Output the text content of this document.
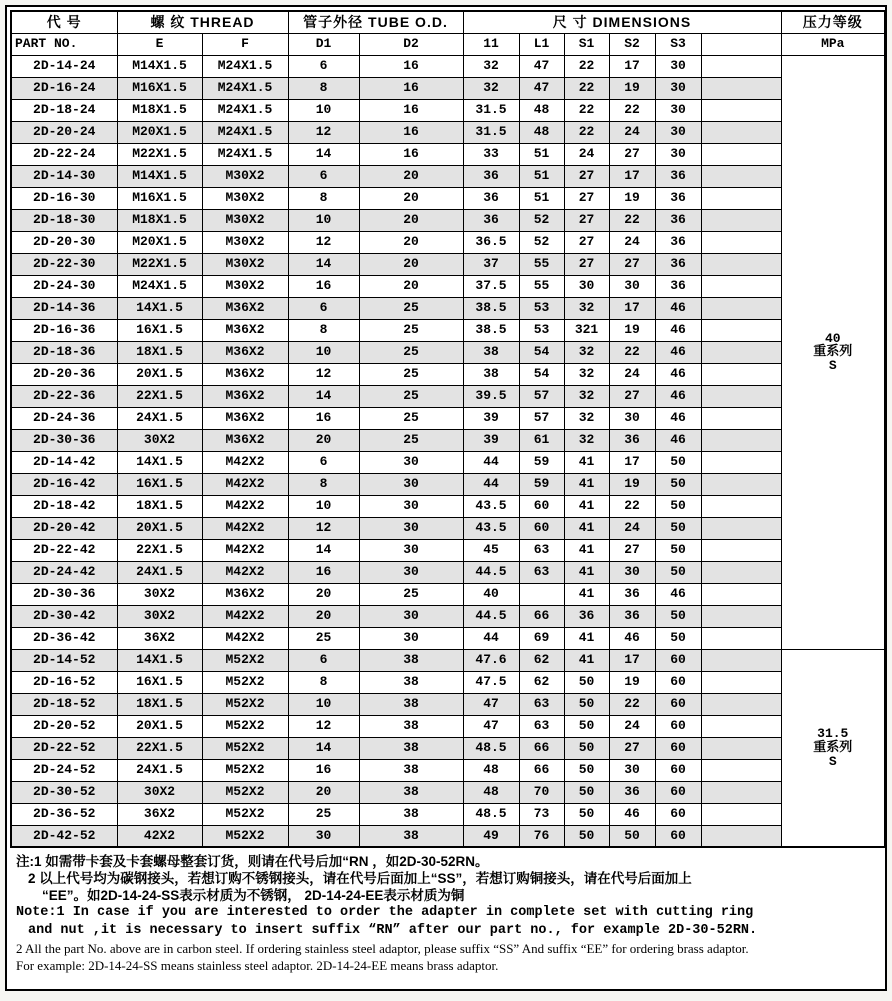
代 号	螺 纹 THREAD		管子外径 TUBE O.D.		尺 寸 DIMENSIONS						压力等级
PART NO.	E	F	D1	D2	11	L1	S1	S2	S3		MPa
2D-14-24	M14X1.5	M24X1.5	6	16	32	47	22	17	30		40
重系列
S

2D-16-24	M16X1.5	M24X1.5	8	16	32	47	22	19	30		
2D-18-24	M18X1.5	M24X1.5	10	16	31.5	48	22	22	30		
2D-20-24	M20X1.5	M24X1.5	12	16	31.5	48	22	24	30		
2D-22-24	M22X1.5	M24X1.5	14	16	33	51	24	27	30		
2D-14-30	M14X1.5	M30X2	6	20	36	51	27	17	36		
2D-16-30	M16X1.5	M30X2	8	20	36	51	27	19	36		
2D-18-30	M18X1.5	M30X2	10	20	36	52	27	22	36		
2D-20-30	M20X1.5	M30X2	12	20	36.5	52	27	24	36		
2D-22-30	M22X1.5	M30X2	14	20	37	55	27	27	36		
2D-24-30	M24X1.5	M30X2	16	20	37.5	55	30	30	36		
2D-14-36	14X1.5	M36X2	6	25	38.5	53	32	17	46		
2D-16-36	16X1.5	M36X2	8	25	38.5	53	321	19	46		
2D-18-36	18X1.5	M36X2	10	25	38	54	32	22	46		
2D-20-36	20X1.5	M36X2	12	25	38	54	32	24	46		
2D-22-36	22X1.5	M36X2	14	25	39.5	57	32	27	46		
2D-24-36	24X1.5	M36X2	16	25	39	57	32	30	46		
2D-30-36	30X2	M36X2	20	25	39	61	32	36	46		
2D-14-42	14X1.5	M42X2	6	30	44	59	41	17	50		
2D-16-42	16X1.5	M42X2	8	30	44	59	41	19	50		
2D-18-42	18X1.5	M42X2	10	30	43.5	60	41	22	50		
2D-20-42	20X1.5	M42X2	12	30	43.5	60	41	24	50		
2D-22-42	22X1.5	M42X2	14	30	45	63	41	27	50		
2D-24-42	24X1.5	M42X2	16	30	44.5	63	41	30	50		
2D-30-36	30X2	M36X2	20	25	40		41	36	46		
2D-30-42	30X2	M42X2	20	30	44.5	66	36	36	50		
2D-36-42	36X2	M42X2	25	30	44	69	41	46	50		
2D-14-52	14X1.5	M52X2	6	38	47.6	62	41	17	60		31.5
重系列
S

2D-16-52	16X1.5	M52X2	8	38	47.5	62	50	19	60		
2D-18-52	18X1.5	M52X2	10	38	47	63	50	22	60		
2D-20-52	20X1.5	M52X2	12	38	47	63	50	24	60		
2D-22-52	22X1.5	M52X2	14	38	48.5	66	50	27	60		
2D-24-52	24X1.5	M52X2	16	38	48	66	50	30	60		
2D-30-52	30X2	M52X2	20	38	48	70	50	36	60		
2D-36-52	36X2	M52X2	25	38	48.5	73	50	46	60		
2D-42-52	42X2	M52X2	30	38	49	76	50	50	60		
注:1 如需带卡套及卡套螺母整套订货，则请在代号后加“RN ，如2D-30-52RN。
2 以上代号均为碳钢接头，若想订购不锈钢接头，请在代号后面加上“SS”，若想订购铜接头，请在代号后面加上
“EE”。如2D-14-24-SS表示材质为不锈钢， 2D-14-24-EE表示材质为铜
Note:1 In case if you are interested to order the adapter in complete set with cutting ring
and nut ,it is necessary to insert suffix “RN” after our part no., for example 2D-30-52RN.
2 All the part No. above are in carbon steel. If ordering stainless steel adaptor, please suffix “SS” And suffix “EE” for ordering brass adaptor.
For example: 2D-14-24-SS means stainless steel adaptor. 2D-14-24-EE means brass adaptor.
